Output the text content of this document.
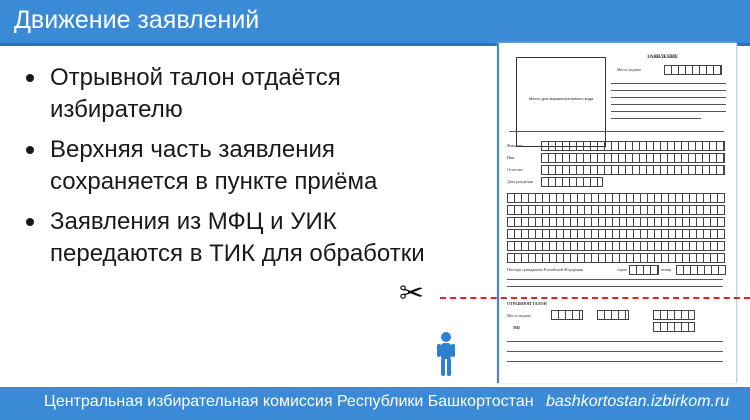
Движение заявлений
Отрывной талон отдаётся избирателю
Верхняя часть заявления сохраняется в пункте приёма
Заявления из МФЦ и УИК передаются в ТИК для обработки
Место для машиночитаемого кода
ЗАЯВЛЕНИЕ
Место подачи
Фамилия
Имя
Отчество
Дата рождения
Паспорт гражданина Российской Федерации	серия	номер
ОТРЫВНОЙ ТАЛОН
Место подачи
МП
✂
Центральная избирательная комиссия Республики Башкортостан bashkortostan.izbirkom.ru
